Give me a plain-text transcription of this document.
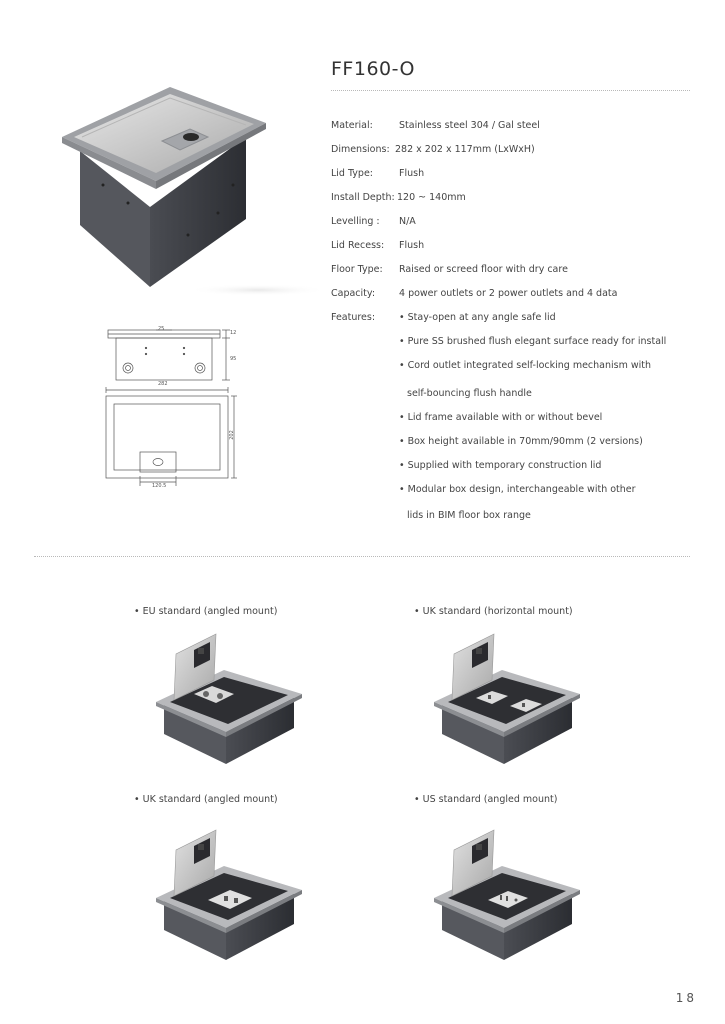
FF160-O
25
12
95
282
202
120.5
Material:	Stainless steel 304 / Gal steel
Dimensions: 282 x 202 x 117mm (LxWxH)
Lid Type:	Flush
Install Depth: 120 ~ 140mm
Levelling : N/A
Lid Recess: Flush
Floor Type: Raised or screed floor with dry care
Capacity:	4 power outlets or 2 power outlets and 4 data
Features:	• Stay-open at any angle safe lid
• Pure SS brushed flush elegant surface ready for install
• Cord outlet integrated self-locking mechanism with
self-bouncing flush handle
• Lid frame available with or without bevel
• Box height available in 70mm/90mm (2 versions)
• Supplied with temporary construction lid
• Modular box design, interchangeable with other
lids in BIM floor box range
• EU standard (angled mount)	• UK standard (horizontal mount)
• UK standard (angled mount)	• US standard (angled mount)
18
